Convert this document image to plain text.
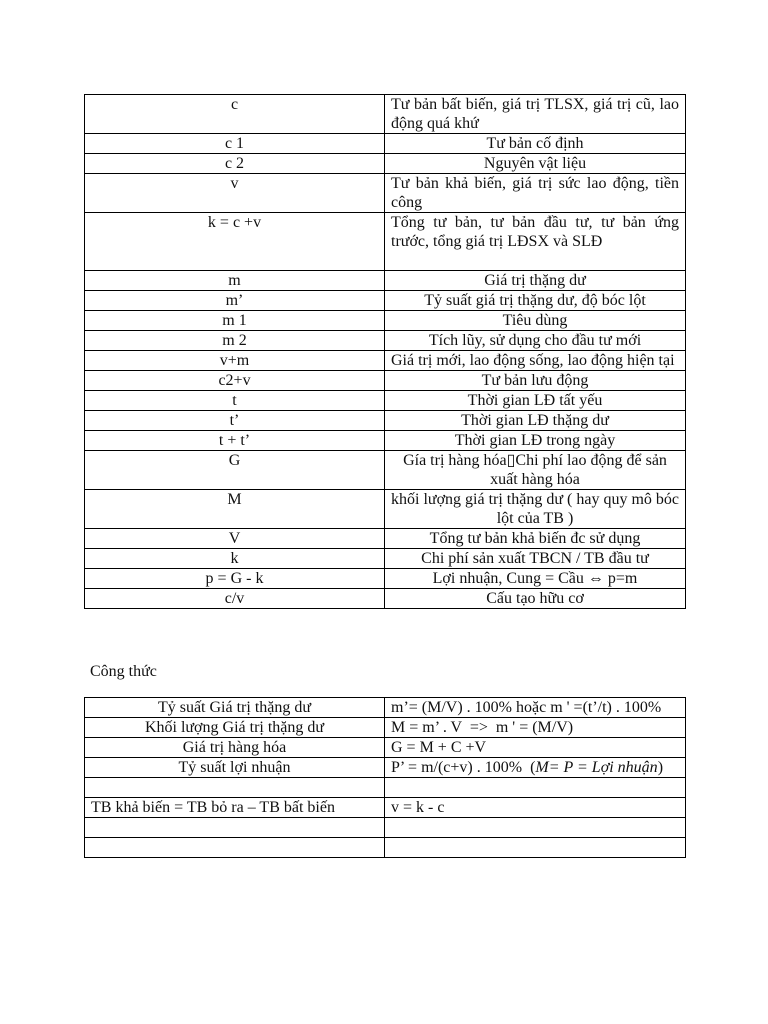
c	Tư bản bất biến, giá trị TLSX, giá trị cũ, lao động quá khứ
c 1	Tư bản cố định
c 2	Nguyên vật liệu
v	Tư bản khả biến, giá trị sức lao động, tiền công
k = c +v	Tổng tư bản, tư bản đầu tư, tư bản ứng trước, tổng giá trị LĐSX và SLĐ
m	Giá trị thặng dư
m’	Tỷ suất giá trị thặng dư, độ bóc lột
m 1	Tiêu dùng
m 2	Tích lũy, sử dụng cho đầu tư mới
v+m	Giá trị mới, lao động sống, lao động hiện tại
c2+v	Tư bản lưu động
t	Thời gian LĐ tất yếu
t’	Thời gian LĐ thặng dư
t + t’	Thời gian LĐ trong ngày
G	Gía trị hàng hóa▯Chi phí lao động để sản xuất hàng hóa
M	khối lượng giá trị thặng dư ( hay quy mô bóc lột của TB )
V	Tổng tư bản khả biến đc sử dụng
k	Chi phí sản xuất TBCN / TB đầu tư
p = G - k	Lợi nhuận, Cung = Cầu ⇔ p=m
c/v	Cấu tạo hữu cơ

Công thức

Tỷ suất Giá trị thặng dư	m’= (M/V) . 100% hoặc m ' =(t’/t) . 100%
Khối lượng Giá trị thặng dư	M = m’ . V  =>  m ' = (M/V)
Giá trị hàng hóa	G = M + C +V
Tỷ suất lợi nhuận	P’ = m/(c+v) . 100%  (M= P = Lợi nhuận)
​	​
TB khả biến = TB bỏ ra – TB bất biến	v = k - c
​	​
​	​
